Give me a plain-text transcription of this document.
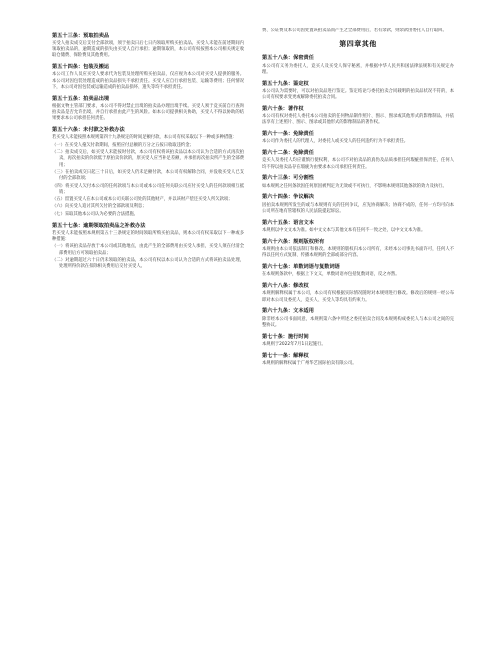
第五十三条：预取拍卖品

买受人拍卖成交后支付全部款项，须于拍卖日后七日内领取所购买拍卖品。买受人未能在前述期间内领取拍卖品的，逾期造成的损失由买受人自行承担；逾期领取的，本公司有权按照本公司相关规定收取仓储费、保险费及其他费用。

第五十四条：包装及搬运

本公司工作人员应买受人要求代为包装及处理所购买拍卖品，仅应视为本公司对买受人提供的服务。本公司对因包装处理造成的拍卖品损失不承担责任。买受人应自行承担包装、运输等费用；任何情况下，本公司对因包装或运输造成的拍卖品损坏、遗失等均不承担责任。

第五十五条：拍卖品出境

根据文物主管部门要求，本公司不得对禁止出境的拍卖品办理出境手续。买受人须于竞买前自行查询拍卖品是否允许出境，并自行承担由此产生的风险。如本公司提供相关协助，买受人不得以协助的结果要求本公司承担任何责任。

第五十六条：未付款之补救办法

若买受人未能按照本规则第四十九条规定的时间足额付款，本公司有权采取以下一种或多种措施：

（一）在买受人拖欠付款期间，按照应付总额的万分之五按日收取违约金；

（二）拍卖成交后，如买受人未能按时付款，本公司有权将该拍卖品以本公司认为合适的方式再次拍卖，再次拍卖的价款低于原拍卖价款的，原买受人应当补足差额，并承担再次拍卖所产生的全部费用；

（三）在拍卖成交日起三十日后，如买受人仍未足额付款，本公司有权解除合同，并没收买受人已支付的全部款项；

（四）将买受人欠付本公司的任何款项与本公司或本公司任何关联公司应付买受人的任何款项相互抵销；

（五）留置买受人在本公司或本公司关联公司处的其他财产，并以该财产偿还买受人所欠款项；

（六）向买受人追讨其所欠付的全部款项及利息；

（七）采取其他本公司认为必要的合法措施。

第五十七条：逾期领取拍卖品之补救办法

若买受人未能按照本规则第五十三条规定的时间领取所购买拍卖品，则本公司有权采取以下一种或多种措施：

（一）将该拍卖品存放于本公司或其他地点，由此产生的全部费用由买受人承担，买受人须在付清全部费用后方可领取拍卖品；

（二）对逾期超过六十日仍未领取的拍卖品，本公司有权以本公司认为合适的方式将该拍卖品处理，处理所得价款在扣除相关费用后交付买受人。

费、公证费及本公司因处置该拍卖品而产生之全部费用后，若有余款，则余款由委托人自行取回。

第四章其他
第五十八条：保密责任

本公司有义务为委托人、竞买人及买受人保守秘密，并根据中华人民共和国法律法规和有关规定办理。

第五十九条：鉴定权

本公司认为需要时，可以对拍卖品进行鉴定。鉴定结论与委托拍卖合同载明的拍卖品状况不符的，本公司有权要求变更或解除委托拍卖合同。

第六十条：著作权

本公司有权对委托人委托本公司拍卖的任何物品制作照片、图示、图录或其他形式的影像制品，并依法享有上述照片、图示、图录或其他形式的影像制品的著作权。

第六十一条：免除责任

本公司作为委托人的代理人，对委托人或买受人的任何违约行为不承担责任。

第六十二条：免除责任

竞买人及委托人均应谨慎行使权利，本公司不对拍卖品的真伪及品质承担任何瑕疵担保责任，任何人均不得以拍卖品存在瑕疵为由要求本公司承担任何责任。

第六十三条：可分割性

如本规则之任何条款因任何原因被判定为无效或不可执行，不影响本规则其他条款的效力及执行。

第六十四条：争议解决

因拍卖本规则所发生的或与本规则有关的任何争议，应先协商解决；协商不成的，任何一方均可向本公司所在地有管辖权的人民法院提起诉讼。

第六十五条：语言文本

本规则以中文文本为准。如中文文本与其他文本有任何不一致之处，以中文文本为准。

第六十六条：规则版权所有

本规则由本公司依法制订和修改。本规则的版权归本公司所有，未经本公司事先书面许可，任何人不得以任何方式复制、传播本规则的全部或部分内容。

第六十七条：单数词语与复数词语

在本规则条款中，根据上下文义，单数词语亦包括复数词语，反之亦然。

第六十八条：修改权

本规则解释权属于本公司，本公司有权根据实际情况随时对本规则进行修改。修改后的规则一经公布即对本公司及委托人、竞买人、买受人等均具有约束力。

第六十九条：文本适用

除非经本公司书面同意，本规则第六条中所述之委托拍卖合同及本规则构成委托人与本公司之间的完整协议。

第七十条：施行时间

本规则于2022年7月1日起施行。

第七十一条：解释权

本规则的解释权属于广州华艺国际拍卖有限公司。
